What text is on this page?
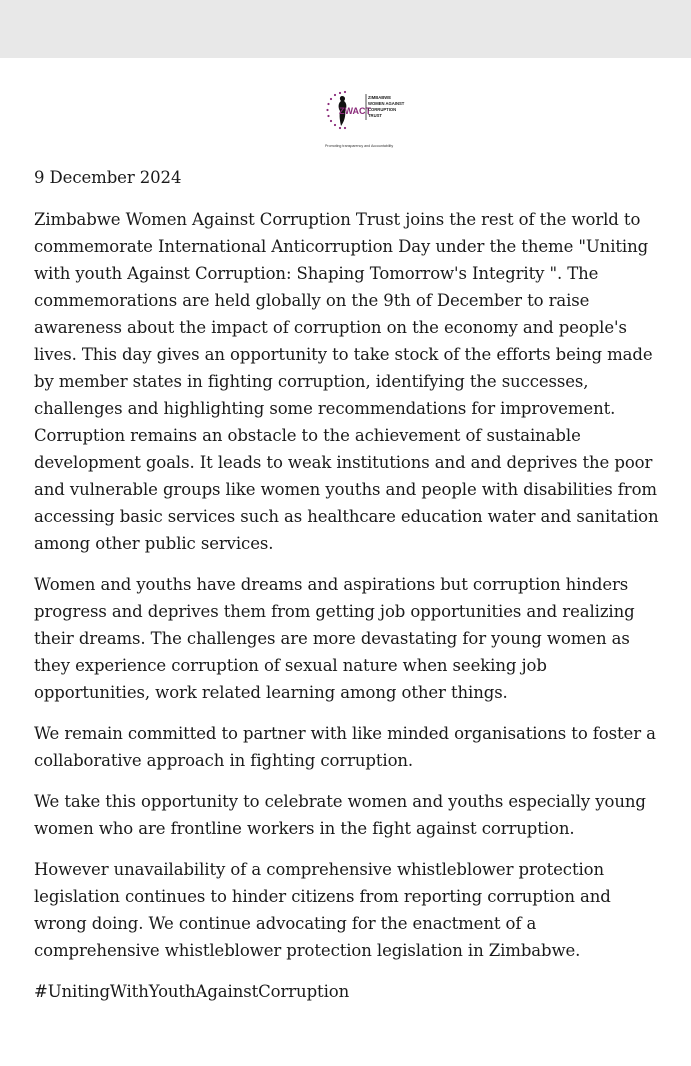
ZWACT
ZIMBABWE
WOMEN AGAINST
CORRUPTION
TRUST
Promoting transparency and Accountability
9 December 2024
Zimbabwe Women Against Corruption Trust joins the rest of the world to
commemorate International Anticorruption Day under the theme "Uniting
with youth Against Corruption: Shaping Tomorrow's Integrity ". The
commemorations are held globally on the 9th of December to raise
awareness about the impact of corruption on the economy and people's
lives. This day gives an opportunity to take stock of the efforts being made
by member states in fighting corruption, identifying the successes,
challenges and highlighting some recommendations for improvement.
Corruption remains an obstacle to the achievement of sustainable
development goals. It leads to weak institutions and and deprives the poor
and vulnerable groups like women youths and people with disabilities from
accessing basic services such as healthcare education water and sanitation
among other public services.
Women and youths have dreams and aspirations but corruption hinders
progress and deprives them from getting job opportunities and realizing
their dreams. The challenges are more devastating for young women as
they experience corruption of sexual nature when seeking job
opportunities, work related learning among other things.
We remain committed to partner with like minded organisations to foster a
collaborative approach in fighting corruption.
We take this opportunity to celebrate women and youths especially young
women who are frontline workers in the fight against corruption.
However unavailability of a comprehensive whistleblower protection
legislation continues to hinder citizens from reporting corruption and
wrong doing. We continue advocating for the enactment of a
comprehensive whistleblower protection legislation in Zimbabwe.
#UnitingWithYouthAgainstCorruption
